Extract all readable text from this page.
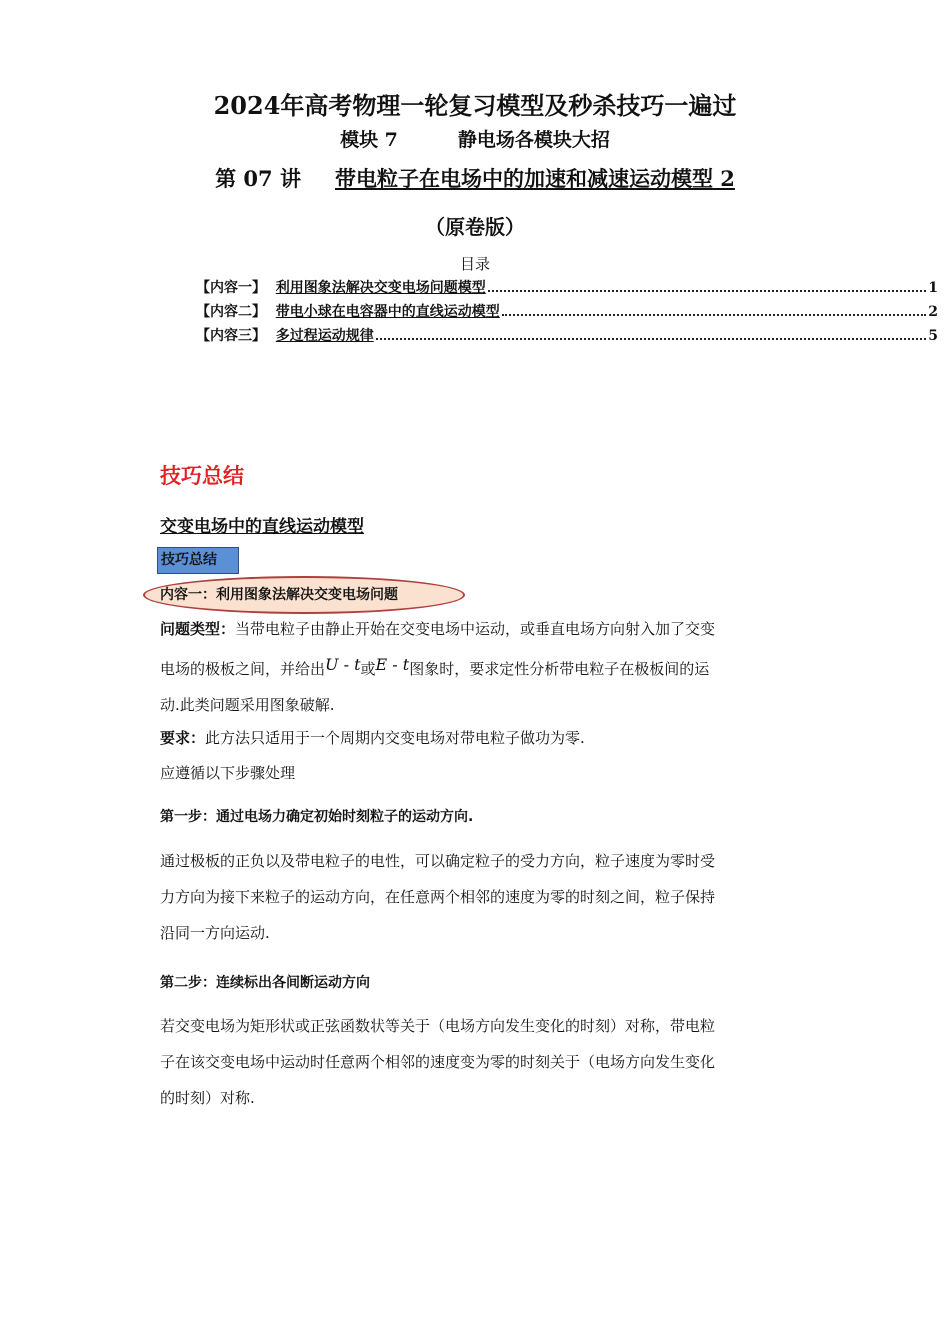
2024年高考物理一轮复习模型及秒杀技巧一遍过
模块 7	静电场各模块大招
第 07 讲 带电粒子在电场中的加速和减速运动模型 2
（原卷版）
目录
【内容一】 利用图象法解决交变电场问题模型	1
【内容二】 带电小球在电容器中的直线运动模型	2
【内容三】 多过程运动规律	5
技巧总结
交变电场中的直线运动模型
技巧总结
内容一：利用图象法解决交变电场问题
问题类型：当带电粒子由静止开始在交变电场中运动，或垂直电场方向射入加了交变
电场的极板之间，并给出U - t或E - t图象时，要求定性分析带电粒子在极板间的运
动.此类问题采用图象破解.
要求：此方法只适用于一个周期内交变电场对带电粒子做功为零.
应遵循以下步骤处理
第一步：通过电场力确定初始时刻粒子的运动方向.
通过极板的正负以及带电粒子的电性，可以确定粒子的受力方向，粒子速度为零时受
力方向为接下来粒子的运动方向，在任意两个相邻的速度为零的时刻之间，粒子保持
沿同一方向运动.
第二步：连续标出各间断运动方向
若交变电场为矩形状或正弦函数状等关于（电场方向发生变化的时刻）对称，带电粒
子在该交变电场中运动时任意两个相邻的速度变为零的时刻关于（电场方向发生变化
的时刻）对称.
